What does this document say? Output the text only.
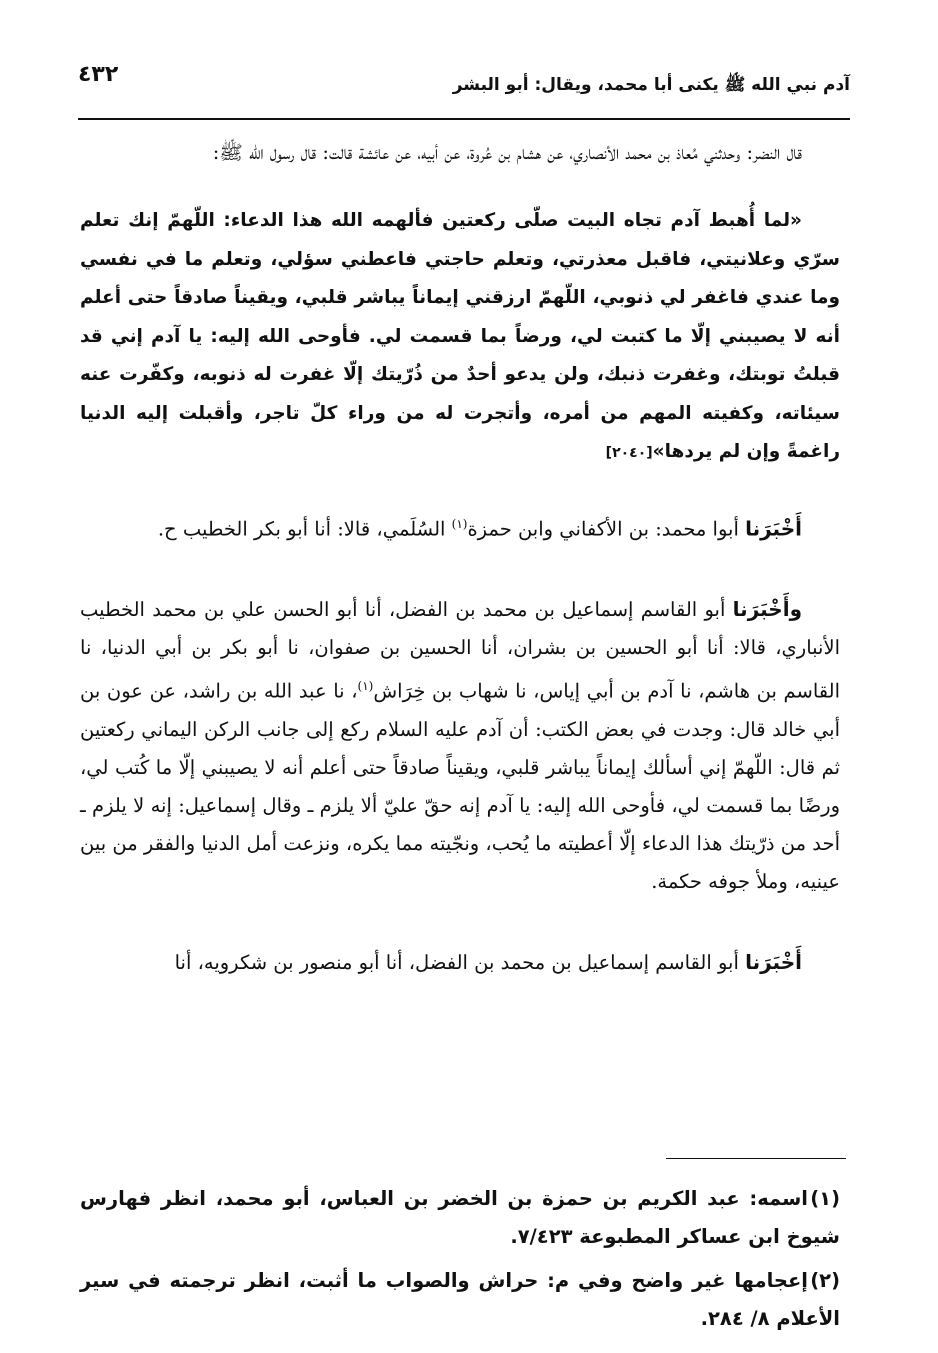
آدم نبي الله ﷺ يكنى أبا محمد، ويقال: أبو البشر
٤٣٢

قال النضر: وحدثني مُعاذ بن محمد الأنصاري، عن هشام بن عُروة، عن أبيه، عن عائشة قالت: قال رسول الله ﷺ:

«لما أُهبط آدم تجاه البيت صلّى ركعتين فألهمه الله هذا الدعاء: اللّهمّ إنك تعلم سرّي وعلانيتي، فاقبل معذرتي، وتعلم حاجتي فاعطني سؤلي، وتعلم ما في نفسي وما عندي فاغفر لي ذنوبي، اللّهمّ ارزقني إيماناً يباشر قلبي، ويقيناً صادقاً حتى أعلم أنه لا يصيبني إلّا ما كتبت لي، ورضاً بما قسمت لي. فأوحى الله إليه: يا آدم إني قد قبلتُ توبتك، وغفرت ذنبك، ولن يدعو أحدٌ من ذُرّيتك إلّا غفرت له ذنوبه، وكفّرت عنه سيئاته، وكفيته المهم من أمره، وأتجرت له من وراء كلّ تاجر، وأقبلت إليه الدنيا راغمةً وإن لم يردها»[٢٠٤٠]

أَخْبَرَنا أبوا محمد: بن الأكفاني وابن حمزة$^{(١)}$ السُلَمي، قالا: أنا أبو بكر الخطيب ح.

وأَخْبَرَنا أبو القاسم إسماعيل بن محمد بن الفضل، أنا أبو الحسن علي بن محمد الخطيب الأنباري، قالا: أنا أبو الحسين بن بشران، أنا الحسين بن صفوان، نا أبو بكر بن أبي الدنيا، نا القاسم بن هاشم، نا آدم بن أبي إياس، نا شهاب بن خِرَاش$^{(١)}$، نا عبد الله بن راشد، عن عون بن أبي خالد قال: وجدت في بعض الكتب: أن آدم عليه السلام ركع إلى جانب الركن اليماني ركعتين ثم قال: اللّهمّ إني أسألك إيماناً يباشر قلبي، ويقيناً صادقاً حتى أعلم أنه لا يصيبني إلّا ما كُتب لي، ورضًا بما قسمت لي، فأوحى الله إليه: يا آدم إنه حقّ عليّ ألا يلزم ـ وقال إسماعيل: إنه لا يلزم ـ أحد من ذرّيتك هذا الدعاء إلّا أعطيته ما يُحب، ونجّيته مما يكره، ونزعت أمل الدنيا والفقر من بين عينيه، وملأ جوفه حكمة.

أَخْبَرَنا أبو القاسم إسماعيل بن محمد بن الفضل، أنا أبو منصور بن شكرويه، أنا

(١)اسمه: عبد الكريم بن حمزة بن الخضر بن العباس، أبو محمد، انظر فهارس شيوخ ابن عساكر المطبوعة ٧/٤٢٣.

(٢)إعجامها غير واضح وفي م: حراش والصواب ما أثبت، انظر ترجمته في سير الأعلام ٨/ ٢٨٤.
